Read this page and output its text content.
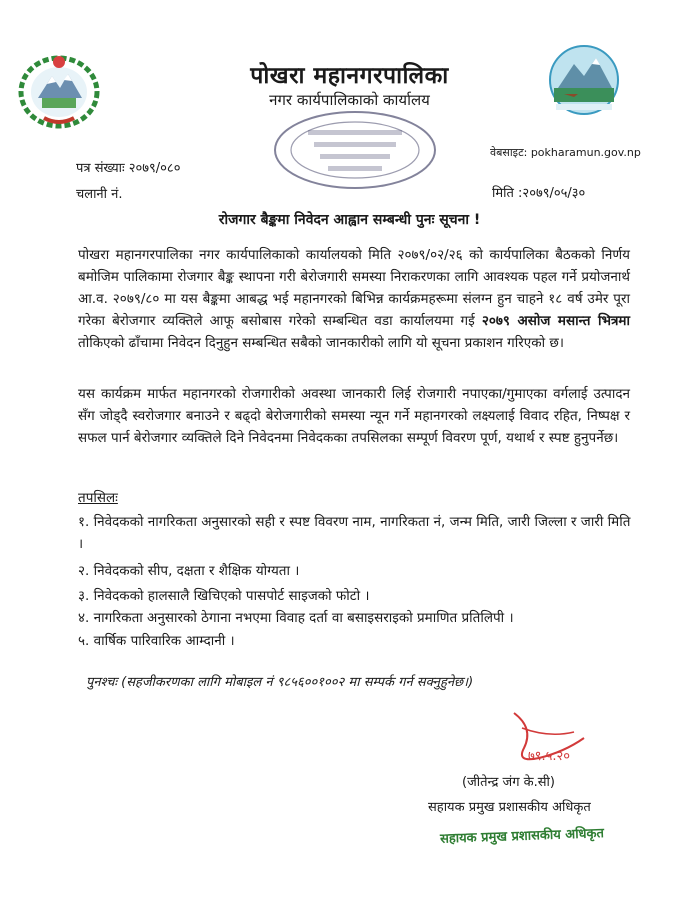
पोखरा महानगरपालिका
नगर कार्यपालिकाको कार्यालय
वेबसाइट: pokharamun.gov.np
पत्र संख्याः २०७९/०८०
चलानी नं.	मिति :२०७९/०५/३०
रोजगार बैङ्कमा निवेदन आह्वान सम्बन्धी पुनः सूचना !
पोखरा महानगरपालिका नगर कार्यपालिकाको कार्यालयको मिति २०७९/०२/२६ को कार्यपालिका बैठकको निर्णय बमोजिम पालिकामा रोजगार बैङ्क स्थापना गरी बेरोजगारी समस्या निराकरणका लागि आवश्यक पहल गर्ने प्रयोजनार्थ आ.व. २०७९/८० मा यस बैङ्कमा आबद्ध भई महानगरको बिभिन्न कार्यक्रमहरूमा संलग्न हुन चाहने १८ वर्ष उमेर पूरा गरेका बेरोजगार व्यक्तिले आफू बसोबास गरेको सम्बन्धित वडा कार्यालयमा गई २०७९ असोज मसान्त भित्रमा तोकिएको ढाँचामा निवेदन दिनुहुन सम्बन्धित सबैको जानकारीको लागि यो सूचना प्रकाशन गरिएको छ।
यस कार्यक्रम मार्फत महानगरको रोजगारीको अवस्था जानकारी लिई रोजगारी नपाएका/गुमाएका वर्गलाई उत्पादन सँग जोड्दै स्वरोजगार बनाउने र बढ्दो बेरोजगारीको समस्या न्यून गर्ने महानगरको लक्ष्यलाई विवाद रहित, निष्पक्ष र सफल पार्न बेरोजगार व्यक्तिले दिने निवेदनमा निवेदकका तपसिलका सम्पूर्ण विवरण पूर्ण, यथार्थ र स्पष्ट हुनुपर्नेछ।
तपसिलः
१. निवेदकको नागरिकता अनुसारको सही र स्पष्ट विवरण नाम, नागरिकता नं, जन्म मिति, जारी जिल्ला र जारी मिति ।
२. निवेदकको सीप, दक्षता र शैक्षिक योग्यता ।
३. निवेदकको हालसालै खिचिएको पासपोर्ट साइजको फोटो ।
४. नागरिकता अनुसारको ठेगाना नभएमा विवाह दर्ता वा बसाइसराइको प्रमाणित प्रतिलिपी ।
५. वार्षिक पारिवारिक आम्दानी ।
पुनश्चः (सहजीकरणका लागि मोबाइल नं ९८५६००१००२ मा सम्पर्क गर्न सक्नुहुनेछ।)
७९.५.२०
(जीतेन्द्र जंग के.सी)
सहायक प्रमुख प्रशासकीय अधिकृत
सहायक प्रमुख प्रशासकीय अधिकृत
